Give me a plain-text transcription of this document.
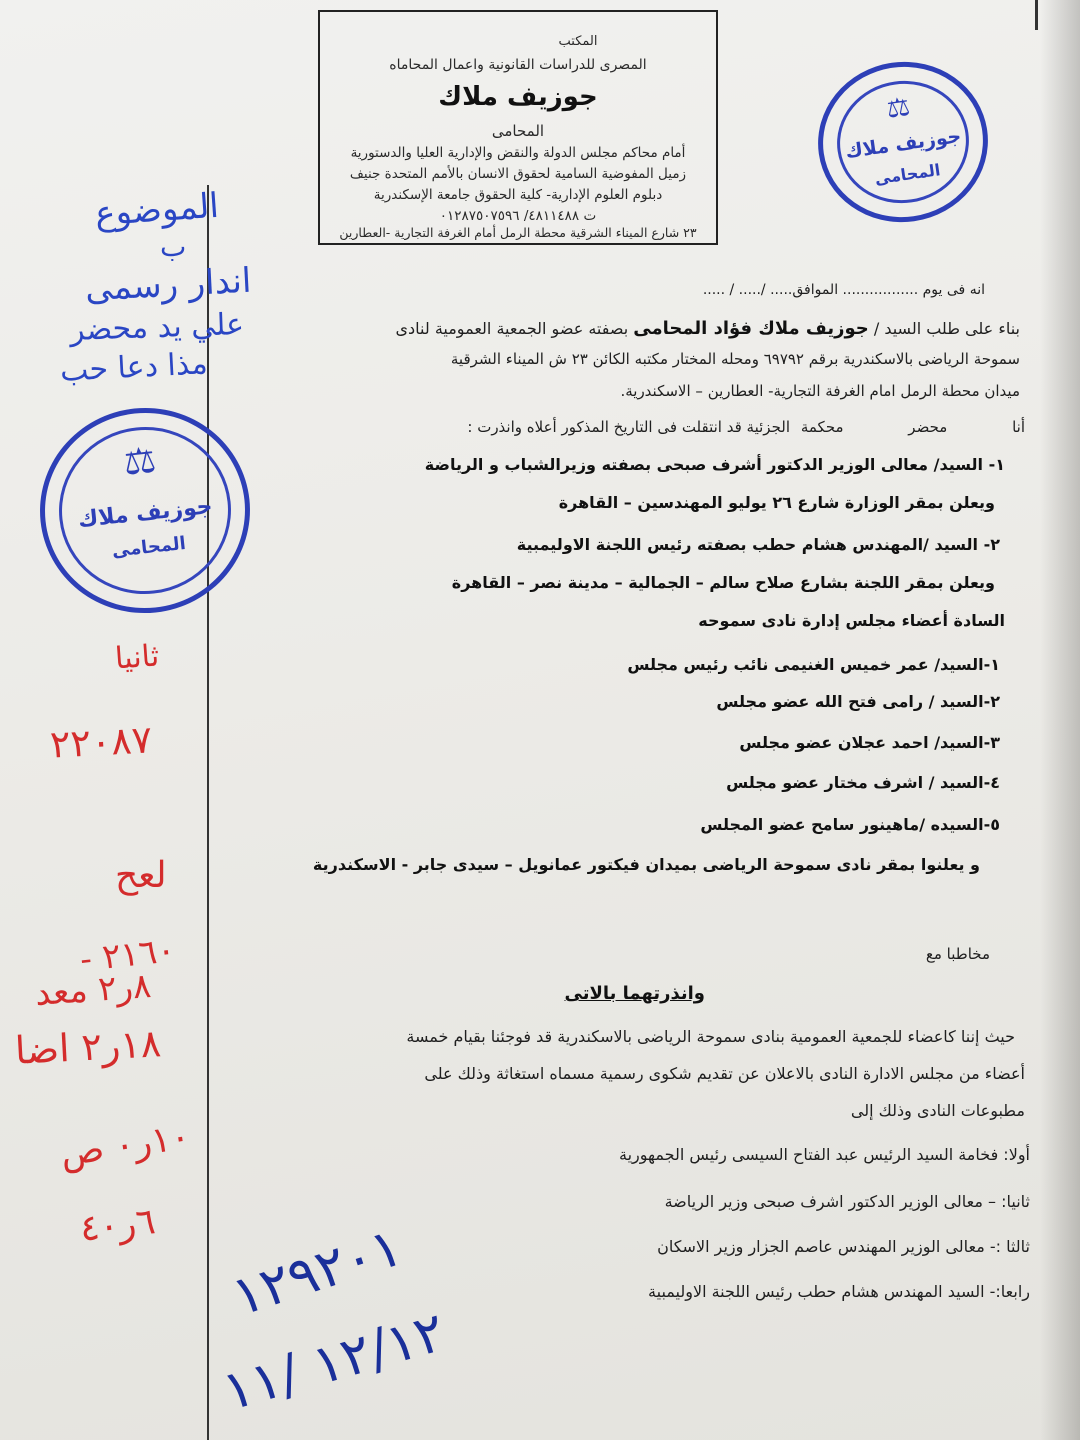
المكتب
المصرى للدراسات القانونية واعمال المحاماه
جوزيف ملاك
المحامى
أمام محاكم مجلس الدولة والنقض والإدارية العليا والدستورية
زميل المفوضية السامية لحقوق الانسان بالأمم المتحدة جنيف
دبلوم العلوم الإدارية- كلية الحقوق جامعة الإسكندرية
ت ٤٨١١٤٨٨/ ٠١٢٨٧٥٠٧٥٩٦
٢٣ شارع الميناء الشرقية محطة الرمل أمام الغرفة التجارية -العطارين
⚖
جوزيف ملاك
المحامى
⚖
جوزيف ملاك
المحامى
انه فى يوم ................. الموافق..... /..... / .....
بناء على طلب السيد / جوزيف ملاك فؤاد المحامى بصفته عضو الجمعية العمومية لنادى
سموحة الرياضى بالاسكندرية برقم ٦٩٧٩٢ ومحله المختار مكتبه الكائن ٢٣ ش الميناء الشرقية
ميدان محطة الرمل امام الغرفة التجارية- العطارين – الاسكندرية.
أنا محضر محكمة
الجزئية قد انتقلت فى التاريخ المذكور أعلاه وانذرت :
١- السيد/ معالى الوزير الدكتور أشرف صبحى بصفته وزيرالشباب و الرياضة
ويعلن بمقر الوزارة شارع ٢٦ يوليو المهندسين – القاهرة
٢- السيد /المهندس هشام حطب بصفته رئيس اللجنة الاوليمبية
ويعلن بمقر اللجنة بشارع صلاح سالم – الجمالية – مدينة نصر – القاهرة
السادة أعضاء مجلس إدارة نادى سموحه
١-السيد/ عمر خميس الغنيمى نائب رئيس مجلس
٢-السيد / رامى فتح الله عضو مجلس
٣-السيد/ احمد عجلان عضو مجلس
٤-السيد / اشرف مختار عضو مجلس
٥-السيده /ماهينور سامح عضو المجلس
و يعلنوا بمقر نادى سموحة الرياضى بميدان فيكتور عمانويل – سيدى جابر - الاسكندرية
مخاطبا مع
وانذرتهما بالاتى
حيث إننا كاعضاء للجمعية العمومية بنادى سموحة الرياضى بالاسكندرية قد فوجئنا بقيام خمسة
أعضاء من مجلس الادارة النادى بالاعلان عن تقديم شكوى رسمية مسماه استغاثة وذلك على
مطبوعات النادى وذلك إلى
أولا: فخامة السيد الرئيس عبد الفتاح السيسى رئيس الجمهورية
ثانيا: – معالى الوزير الدكتور اشرف صبحى وزير الرياضة
ثالثا :- معالى الوزير المهندس عاصم الجزار وزير الاسكان
رابعا:- السيد المهندس هشام حطب رئيس اللجنة الاوليمبية
الموضوع
ب
اندار رسمى
علي يد محضر
مذا دعا حب
ثانيا
٢٢٠٨٧
لعح
٢١٦٠ -
٨ر٢ معد
١٨ر٢ اضا
١٠ر٠ ص
٦ر٤٠ ١٢٩٢٠١
١٢/١٢ /١١
